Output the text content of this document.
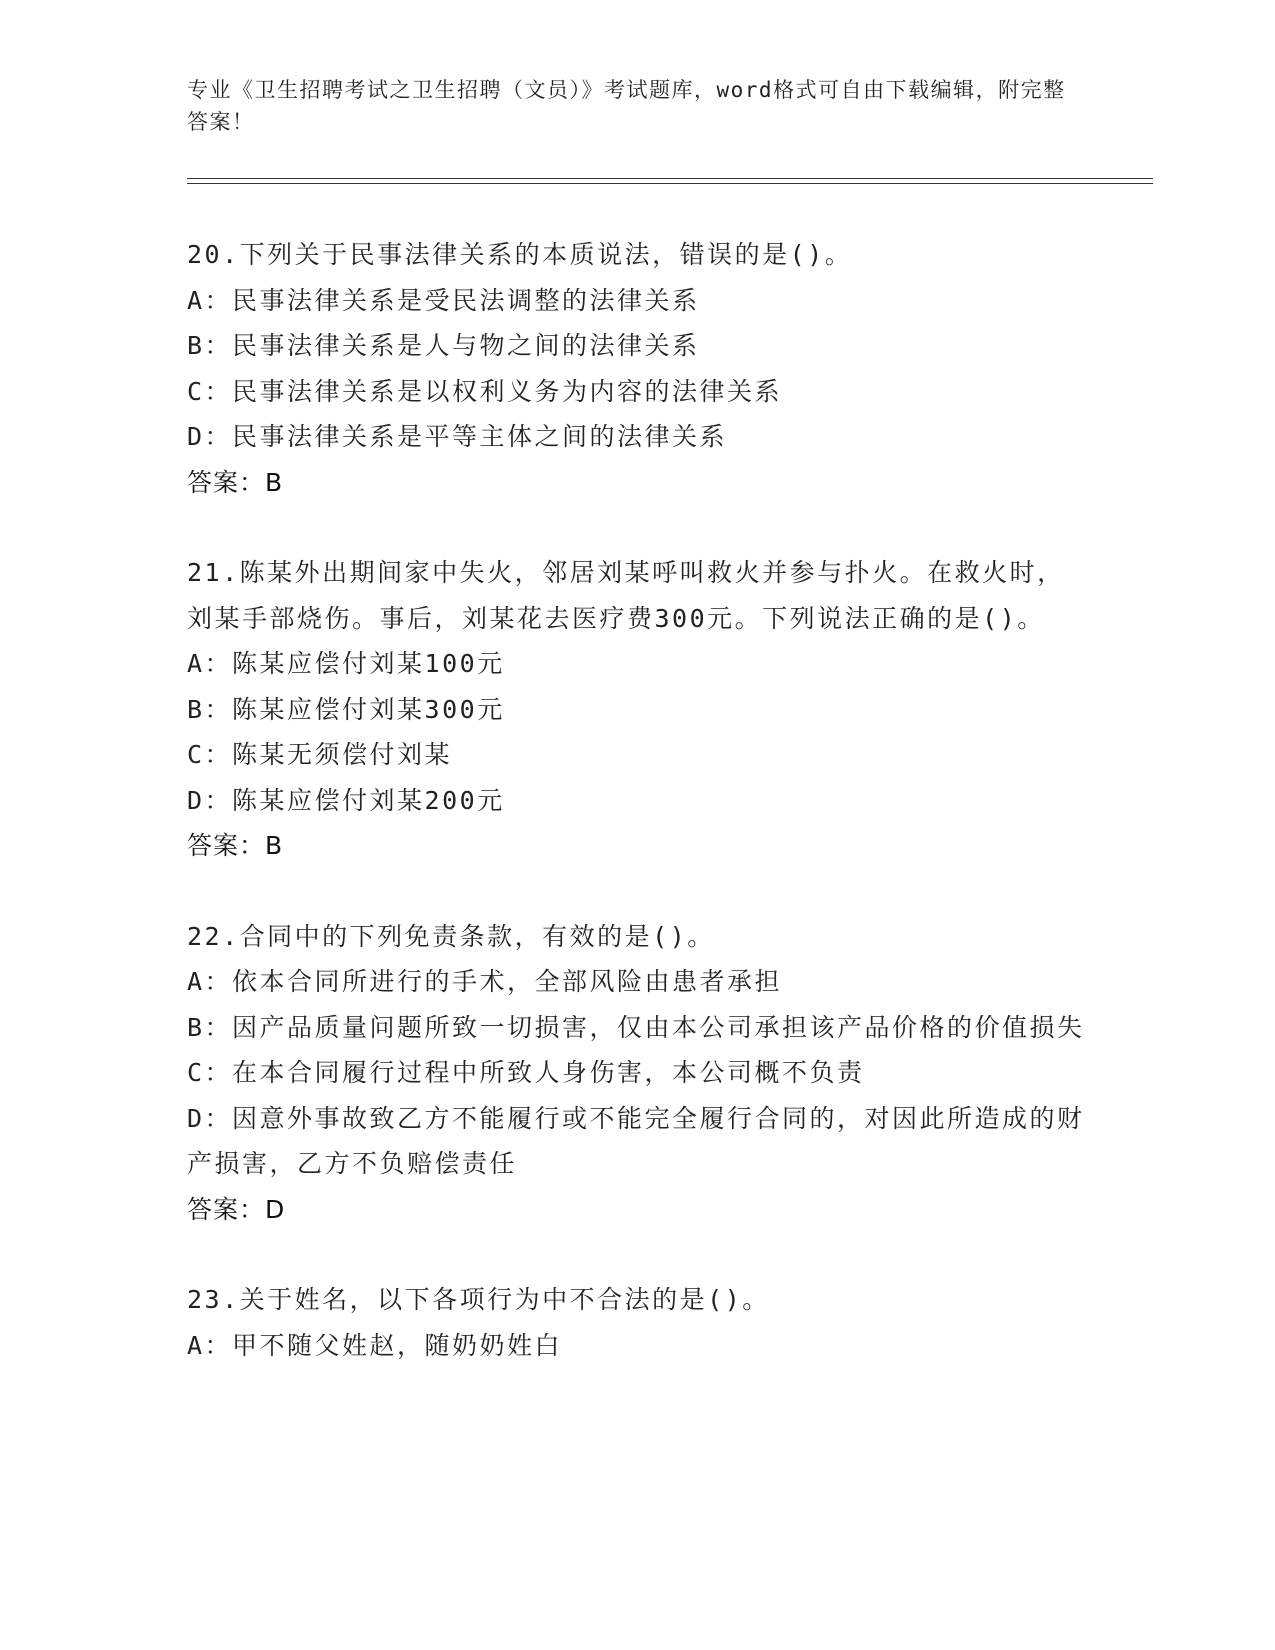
专业《卫生招聘考试之卫生招聘（文员）》考试题库，word格式可自由下载编辑，附完整答案！
20.下列关于民事法律关系的本质说法，错误的是()。
A：民事法律关系是受民法调整的法律关系
B：民事法律关系是人与物之间的法律关系
C：民事法律关系是以权利义务为内容的法律关系
D：民事法律关系是平等主体之间的法律关系
答案：B
21.陈某外出期间家中失火，邻居刘某呼叫救火并参与扑火。在救火时，刘某手部烧伤。事后，刘某花去医疗费300元。下列说法正确的是()。
A：陈某应偿付刘某100元
B：陈某应偿付刘某300元
C：陈某无须偿付刘某
D：陈某应偿付刘某200元
答案：B
22.合同中的下列免责条款，有效的是()。
A：依本合同所进行的手术，全部风险由患者承担
B：因产品质量问题所致一切损害，仅由本公司承担该产品价格的价值损失
C：在本合同履行过程中所致人身伤害，本公司概不负责
D：因意外事故致乙方不能履行或不能完全履行合同的，对因此所造成的财产损害，乙方不负赔偿责任
答案：D
23.关于姓名，以下各项行为中不合法的是()。
A：甲不随父姓赵，随奶奶姓白
